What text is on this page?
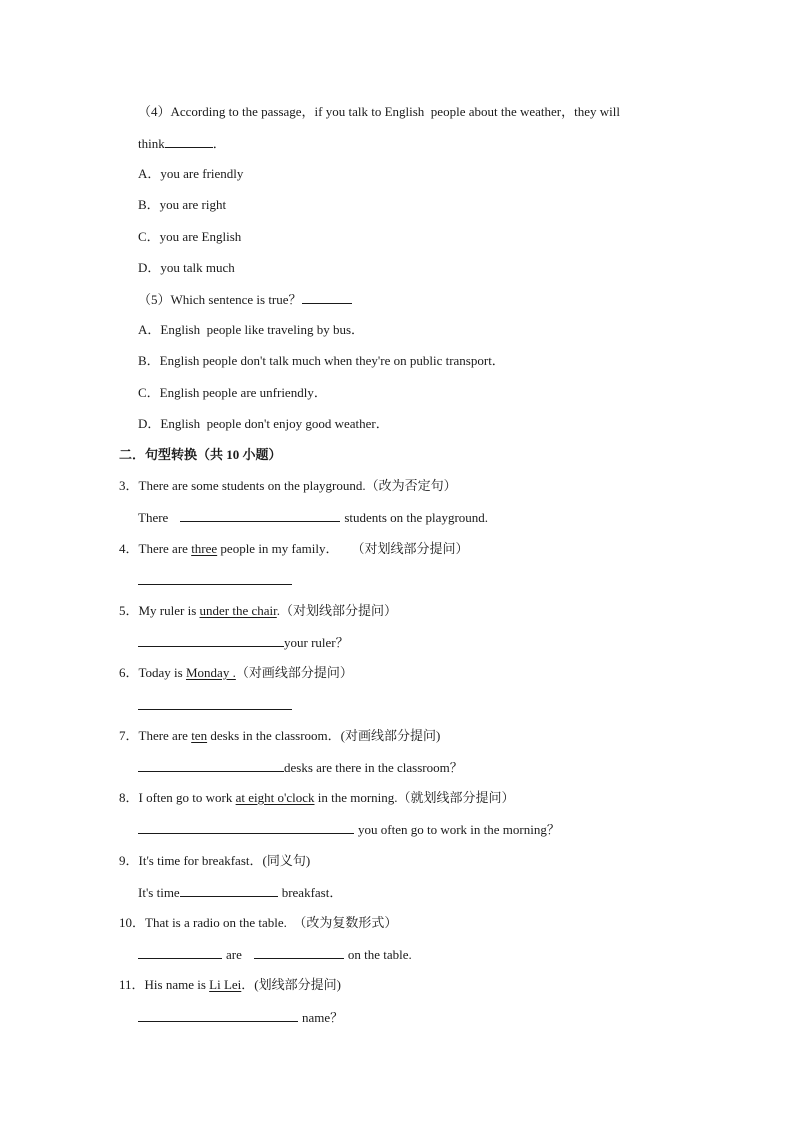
（4）According to the passage，if you talk to English  people about the weather，they will
think	．
A．you are friendly
B．you are right
C．you are English
D．you talk much
（5）Which sentence is true？
A．English  people like traveling by bus．
B．English people don't talk much when they're on public transport．
C．English people are unfriendly．
D．English  people don't enjoy good weather．
二．句型转换（共 10 小题）
3．There are some students on the playground.（改为否定句）
There	students on the playground.
4．There are three people in my family．    （对划线部分提问）
5．My ruler is under the chair.（对划线部分提问）
your ruler？
6．Today is Monday .（对画线部分提问）
7．There are ten desks in the classroom．(对画线部分提问)
desks are there in the classroom？
8．I often go to work at eight o'clock in the morning.（就划线部分提问）
you often go to work in the morning？
9．It's time for breakfast．(同义句)
It's time	breakfast．
10．That is a radio on the table.  （改为复数形式）
are	on the table.
11．His name is Li Lei．(划线部分提问)
name？
